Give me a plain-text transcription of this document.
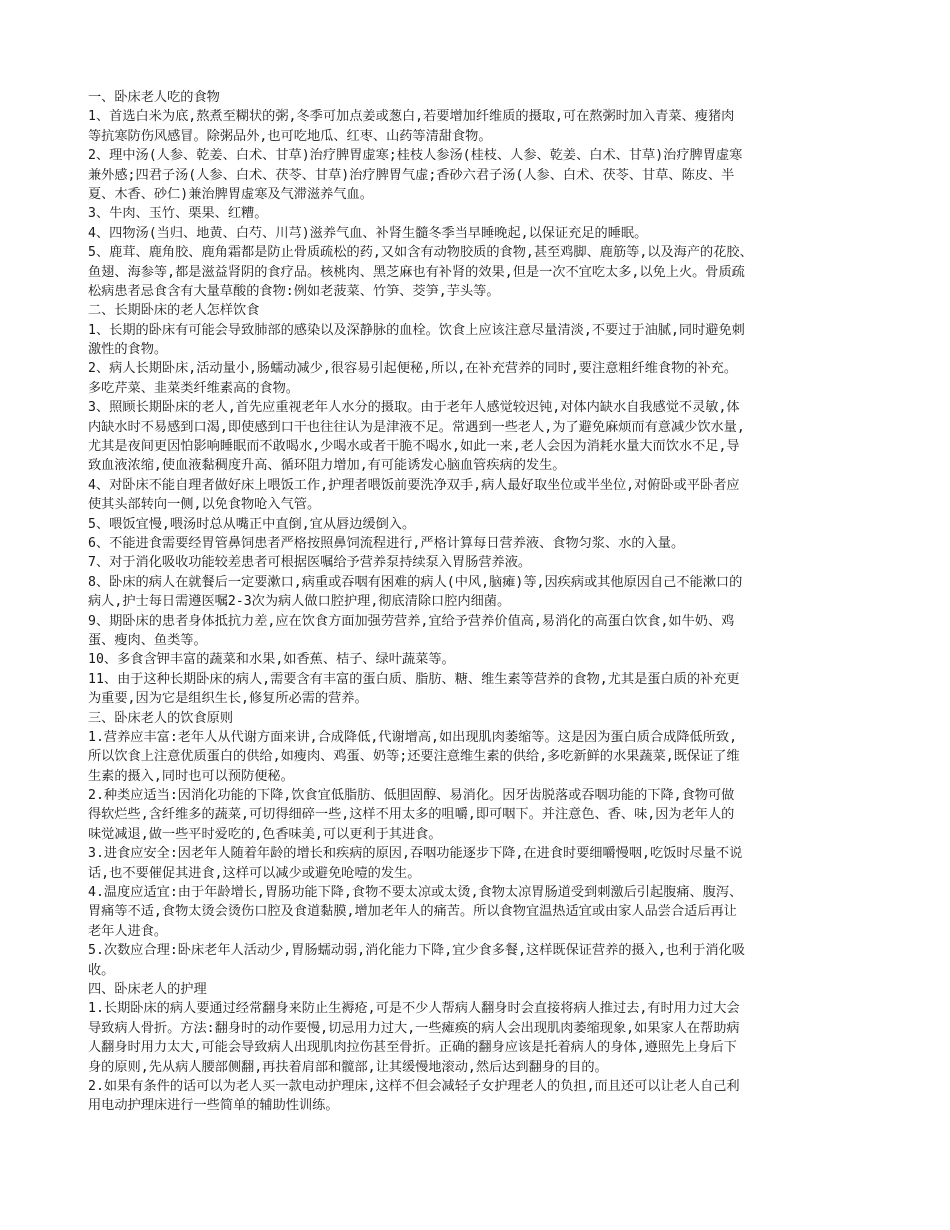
一、卧床老人吃的食物
1、首选白米为底,熬煮至糊状的粥,冬季可加点姜或葱白,若要增加纤维质的摄取,可在熬粥时加入青菜、瘦猪肉
等抗寒防伤风感冒。除粥品外,也可吃地瓜、红枣、山药等清甜食物。
2、理中汤(人参、乾姜、白术、甘草)治疗脾胃虚寒;桂枝人参汤(桂枝、人参、乾姜、白术、甘草)治疗脾胃虚寒
兼外感;四君子汤(人参、白术、茯苓、甘草)治疗脾胃气虚;香砂六君子汤(人参、白术、茯苓、甘草、陈皮、半
夏、木香、砂仁)兼治脾胃虚寒及气滞滋养气血。
3、牛肉、玉竹、栗果、红糟。
4、四物汤(当归、地黄、白芍、川芎)滋养气血、补肾生髓冬季当早睡晚起,以保证充足的睡眠。
5、鹿茸、鹿角胶、鹿角霜都是防止骨质疏松的药,又如含有动物胶质的食物,甚至鸡脚、鹿筋等,以及海产的花胶、
鱼翅、海参等,都是滋益肾阴的食疗品。核桃肉、黑芝麻也有补肾的效果,但是一次不宜吃太多,以免上火。骨质疏
松病患者忌食含有大量草酸的食物:例如老菠菜、竹笋、茭笋,芋头等。
二、长期卧床的老人怎样饮食
1、长期的卧床有可能会导致肺部的感染以及深静脉的血栓。饮食上应该注意尽量清淡,不要过于油腻,同时避免刺
激性的食物。
2、病人长期卧床,活动量小,肠蠕动减少,很容易引起便秘,所以,在补充营养的同时,要注意粗纤维食物的补充。
多吃芹菜、韭菜类纤维素高的食物。
3、照顾长期卧床的老人,首先应重视老年人水分的摄取。由于老年人感觉较迟钝,对体内缺水自我感觉不灵敏,体
内缺水时不易感到口渴,即使感到口干也往往认为是津液不足。常遇到一些老人,为了避免麻烦而有意减少饮水量,
尤其是夜间更因怕影响睡眠而不敢喝水,少喝水或者干脆不喝水,如此一来,老人会因为消耗水量大而饮水不足,导
致血液浓缩,使血液黏稠度升高、循环阻力增加,有可能诱发心脑血管疾病的发生。
4、对卧床不能自理者做好床上喂饭工作,护理者喂饭前要洗净双手,病人最好取坐位或半坐位,对俯卧或平卧者应
使其头部转向一侧,以免食物呛入气管。
5、喂饭宜慢,喂汤时总从嘴正中直倒,宜从唇边缓倒入。
6、不能进食需要经胃管鼻饲患者严格按照鼻饲流程进行,严格计算每日营养液、食物匀浆、水的入量。
7、对于消化吸收功能较差患者可根据医嘱给予营养泵持续泵入胃肠营养液。
8、卧床的病人在就餐后一定要漱口,病重或吞咽有困难的病人(中风,脑瘫)等,因疾病或其他原因自己不能漱口的
病人,护士每日需遵医嘱2-3次为病人做口腔护理,彻底清除口腔内细菌。
9、期卧床的患者身体抵抗力差,应在饮食方面加强劳营养,宜给予营养价值高,易消化的高蛋白饮食,如牛奶、鸡
蛋、瘦肉、鱼类等。
10、多食含钾丰富的蔬菜和水果,如香蕉、桔子、绿叶蔬菜等。
11、由于这种长期卧床的病人,需要含有丰富的蛋白质、脂肪、糖、维生素等营养的食物,尤其是蛋白质的补充更
为重要,因为它是组织生长,修复所必需的营养。
三、卧床老人的饮食原则
1.营养应丰富:老年人从代谢方面来讲,合成降低,代谢增高,如出现肌肉萎缩等。这是因为蛋白质合成降低所致,
所以饮食上注意优质蛋白的供给,如瘦肉、鸡蛋、奶等;还要注意维生素的供给,多吃新鲜的水果蔬菜,既保证了维
生素的摄入,同时也可以预防便秘。
2.种类应适当:因消化功能的下降,饮食宜低脂肪、低胆固醇、易消化。因牙齿脱落或吞咽功能的下降,食物可做
得软烂些,含纤维多的蔬菜,可切得细碎一些,这样不用太多的咀嚼,即可咽下。并注意色、香、味,因为老年人的
味觉减退,做一些平时爱吃的,色香味美,可以更利于其进食。
3.进食应安全:因老年人随着年龄的增长和疾病的原因,吞咽功能逐步下降,在进食时要细嚼慢咽,吃饭时尽量不说
话,也不要催促其进食,这样可以减少或避免呛噎的发生。
4.温度应适宜:由于年龄增长,胃肠功能下降,食物不要太凉或太烫,食物太凉胃肠道受到刺激后引起腹痛、腹泻、
胃痛等不适,食物太烫会烫伤口腔及食道黏膜,增加老年人的痛苦。所以食物宜温热适宜或由家人品尝合适后再让
老年人进食。
5.次数应合理:卧床老年人活动少,胃肠蠕动弱,消化能力下降,宜少食多餐,这样既保证营养的摄入,也利于消化吸
收。
四、卧床老人的护理
1.长期卧床的病人要通过经常翻身来防止生褥疮,可是不少人帮病人翻身时会直接将病人推过去,有时用力过大会
导致病人骨折。方法:翻身时的动作要慢,切忌用力过大,一些瘫痪的病人会出现肌肉萎缩现象,如果家人在帮助病
人翻身时用力太大,可能会导致病人出现肌肉拉伤甚至骨折。正确的翻身应该是托着病人的身体,遵照先上身后下
身的原则,先从病人腰部侧翻,再扶着肩部和髋部,让其缓慢地滚动,然后达到翻身的目的。
2.如果有条件的话可以为老人买一款电动护理床,这样不但会减轻子女护理老人的负担,而且还可以让老人自己利
用电动护理床进行一些简单的辅助性训练。
